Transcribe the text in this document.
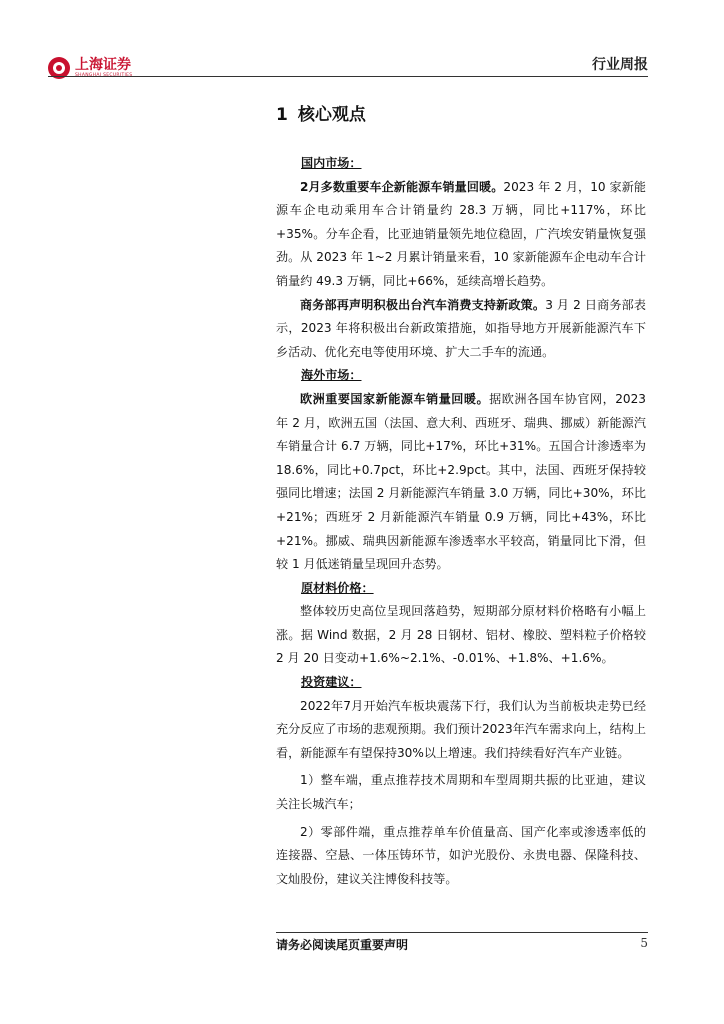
上海证券
SHANGHAI SECURITIES
行业周报
1 核心观点

国内市场：

2月多数重要车企新能源车销量回暖。2023 年 2 月，10 家新能源车企电动乘用车合计销量约 28.3 万辆，同比+117%，环比+35%。分车企看，比亚迪销量领先地位稳固，广汽埃安销量恢复强劲。从 2023 年 1~2 月累计销量来看，10 家新能源车企电动车合计销量约 49.3 万辆，同比+66%，延续高增长趋势。

商务部再声明积极出台汽车消费支持新政策。3 月 2 日商务部表示，2023 年将积极出台新政策措施，如指导地方开展新能源汽车下乡活动、优化充电等使用环境、扩大二手车的流通。

海外市场：

欧洲重要国家新能源车销量回暖。据欧洲各国车协官网，2023 年 2 月，欧洲五国（法国、意大利、西班牙、瑞典、挪威）新能源汽车销量合计 6.7 万辆，同比+17%，环比+31%。五国合计渗透率为 18.6%，同比+0.7pct，环比+2.9pct。其中，法国、西班牙保持较强同比增速；法国 2 月新能源汽车销量 3.0 万辆，同比+30%，环比+21%；西班牙 2 月新能源汽车销量 0.9 万辆，同比+43%，环比+21%。挪威、瑞典因新能源车渗透率水平较高，销量同比下滑，但较 1 月低迷销量呈现回升态势。

原材料价格：

整体较历史高位呈现回落趋势，短期部分原材料价格略有小幅上涨。据 Wind 数据，2 月 28 日钢材、铝材、橡胶、塑料粒子价格较 2 月 20 日变动+1.6%~2.1%、-0.01%、+1.8%、+1.6%。

投资建议：

2022年7月开始汽车板块震荡下行，我们认为当前板块走势已经充分反应了市场的悲观预期。我们预计2023年汽车需求向上，结构上看，新能源车有望保持30%以上增速。我们持续看好汽车产业链。

1）整车端，重点推荐技术周期和车型周期共振的比亚迪，建议关注长城汽车；

2）零部件端，重点推荐单车价值量高、国产化率或渗透率低的连接器、空悬、一体压铸环节，如沪光股份、永贵电器、保隆科技、文灿股份，建议关注博俊科技等。

请务必阅读尾页重要声明	5
